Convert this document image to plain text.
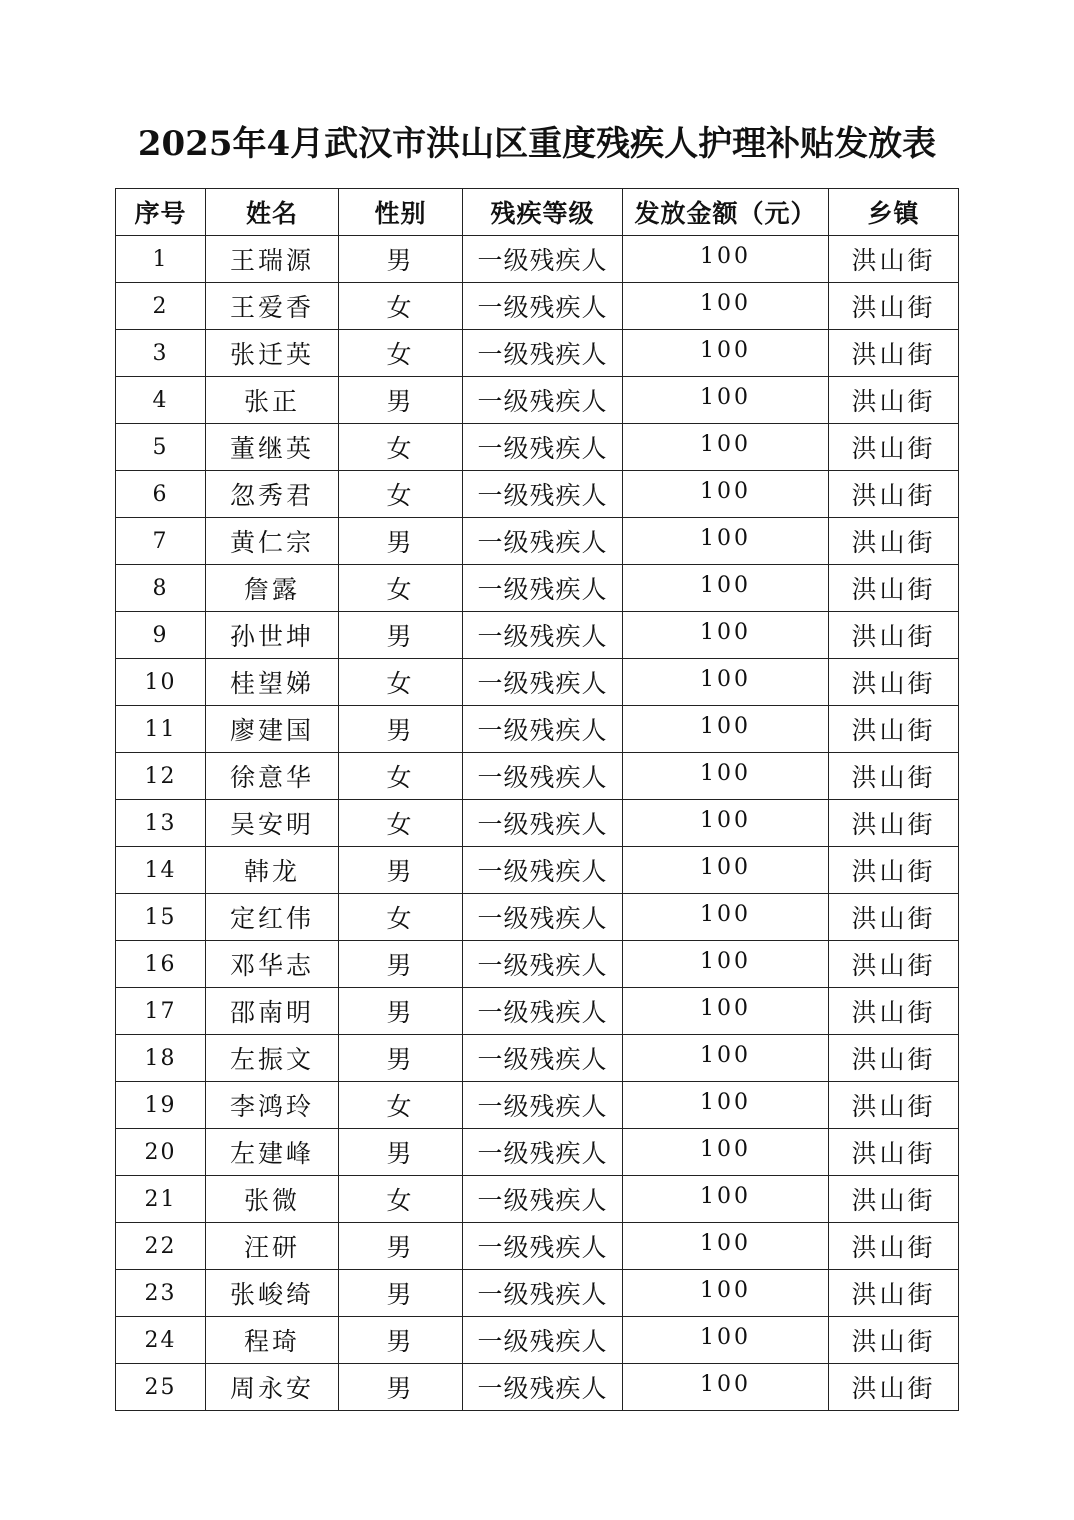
2025年4月武汉市洪山区重度残疾人护理补贴发放表
序号	姓名	性别	残疾等级	发放金额（元）	乡镇
1	王瑞源	男	一级残疾人	100	洪山街
2	王爱香	女	一级残疾人	100	洪山街
3	张迁英	女	一级残疾人	100	洪山街
4	张正	男	一级残疾人	100	洪山街
5	董继英	女	一级残疾人	100	洪山街
6	忽秀君	女	一级残疾人	100	洪山街
7	黄仁宗	男	一级残疾人	100	洪山街
8	詹露	女	一级残疾人	100	洪山街
9	孙世坤	男	一级残疾人	100	洪山街
10	桂望娣	女	一级残疾人	100	洪山街
11	廖建国	男	一级残疾人	100	洪山街
12	徐意华	女	一级残疾人	100	洪山街
13	吴安明	女	一级残疾人	100	洪山街
14	韩龙	男	一级残疾人	100	洪山街
15	定红伟	女	一级残疾人	100	洪山街
16	邓华志	男	一级残疾人	100	洪山街
17	邵南明	男	一级残疾人	100	洪山街
18	左振文	男	一级残疾人	100	洪山街
19	李鸿玲	女	一级残疾人	100	洪山街
20	左建峰	男	一级残疾人	100	洪山街
21	张微	女	一级残疾人	100	洪山街
22	汪研	男	一级残疾人	100	洪山街
23	张峻绮	男	一级残疾人	100	洪山街
24	程琦	男	一级残疾人	100	洪山街
25	周永安	男	一级残疾人	100	洪山街
